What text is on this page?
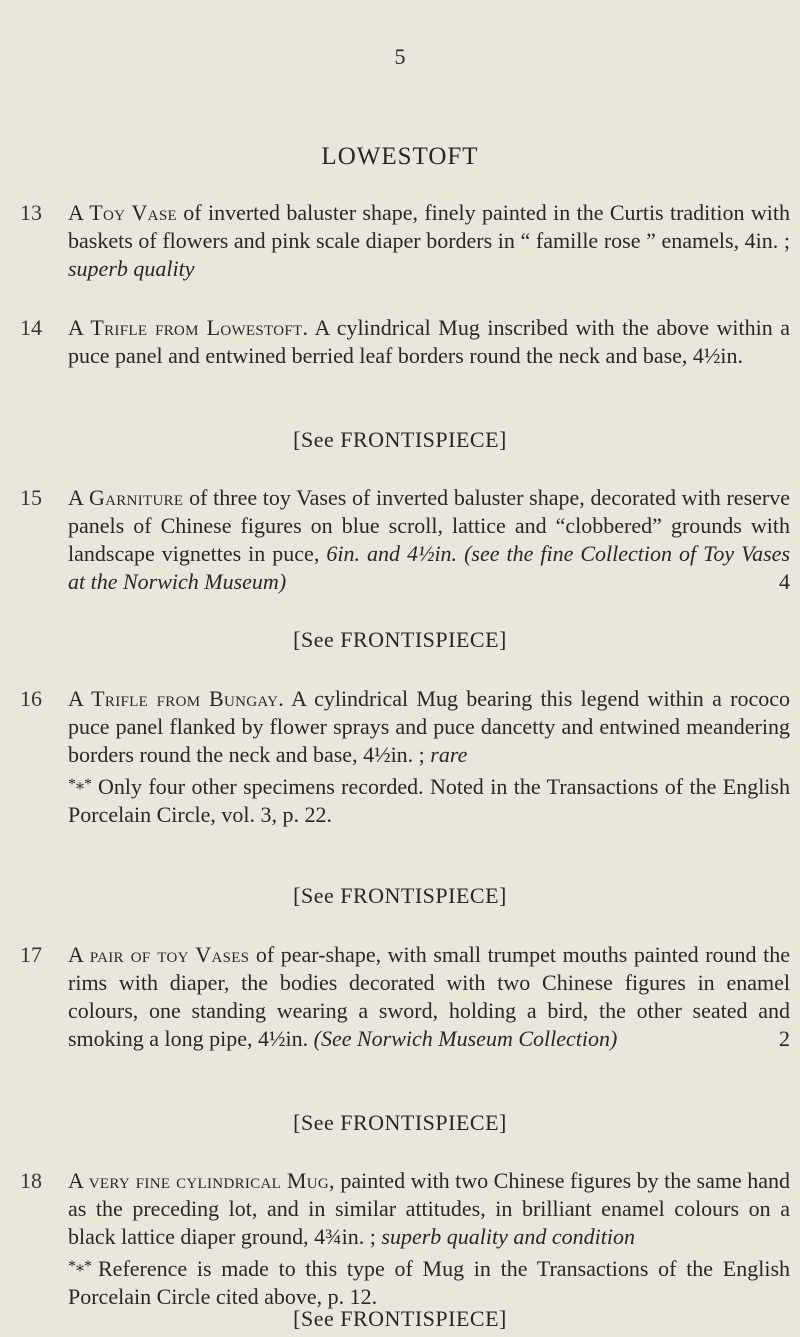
5
LOWESTOFT
13	A Toy Vase of inverted baluster shape, finely painted in the Curtis tradition with baskets of flowers and pink scale diaper borders in “ famille rose ” enamels, 4in. ; superb quality
14	A Trifle from Lowestoft. A cylindrical Mug inscribed with the above within a puce panel and entwined berried leaf borders round the neck and base, 4½in.
[See FRONTISPIECE]
15	A Garniture of three toy Vases of inverted baluster shape, decorated with reserve panels of Chinese figures on blue scroll, lattice and “clobbered” grounds with landscape vignettes in puce, 6in. and 4½in. (see the fine Collection of Toy Vases at the Norwich Museum)	4
[See FRONTISPIECE]
16	A Trifle from Bungay. A cylindrical Mug bearing this legend within a rococo puce panel flanked by flower sprays and puce dancetty and entwined meandering borders round the neck and base, 4½in. ; rare
*⁎* Only four other specimens recorded. Noted in the Transactions of the English Porcelain Circle, vol. 3, p. 22.
[See FRONTISPIECE]
17	A pair of toy Vases of pear-shape, with small trumpet mouths painted round the rims with diaper, the bodies decorated with two Chinese figures in enamel colours, one standing wearing a sword, holding a bird, the other seated and smoking a long pipe, 4½in. (See Norwich Museum Collection)	2
[See FRONTISPIECE]
18	A very fine cylindrical Mug, painted with two Chinese figures by the same hand as the preceding lot, and in similar attitudes, in brilliant enamel colours on a black lattice diaper ground, 4¾in. ; superb quality and condition
*⁎* Reference is made to this type of Mug in the Transactions of the English Porcelain Circle cited above, p. 12.
[See FRONTISPIECE]
